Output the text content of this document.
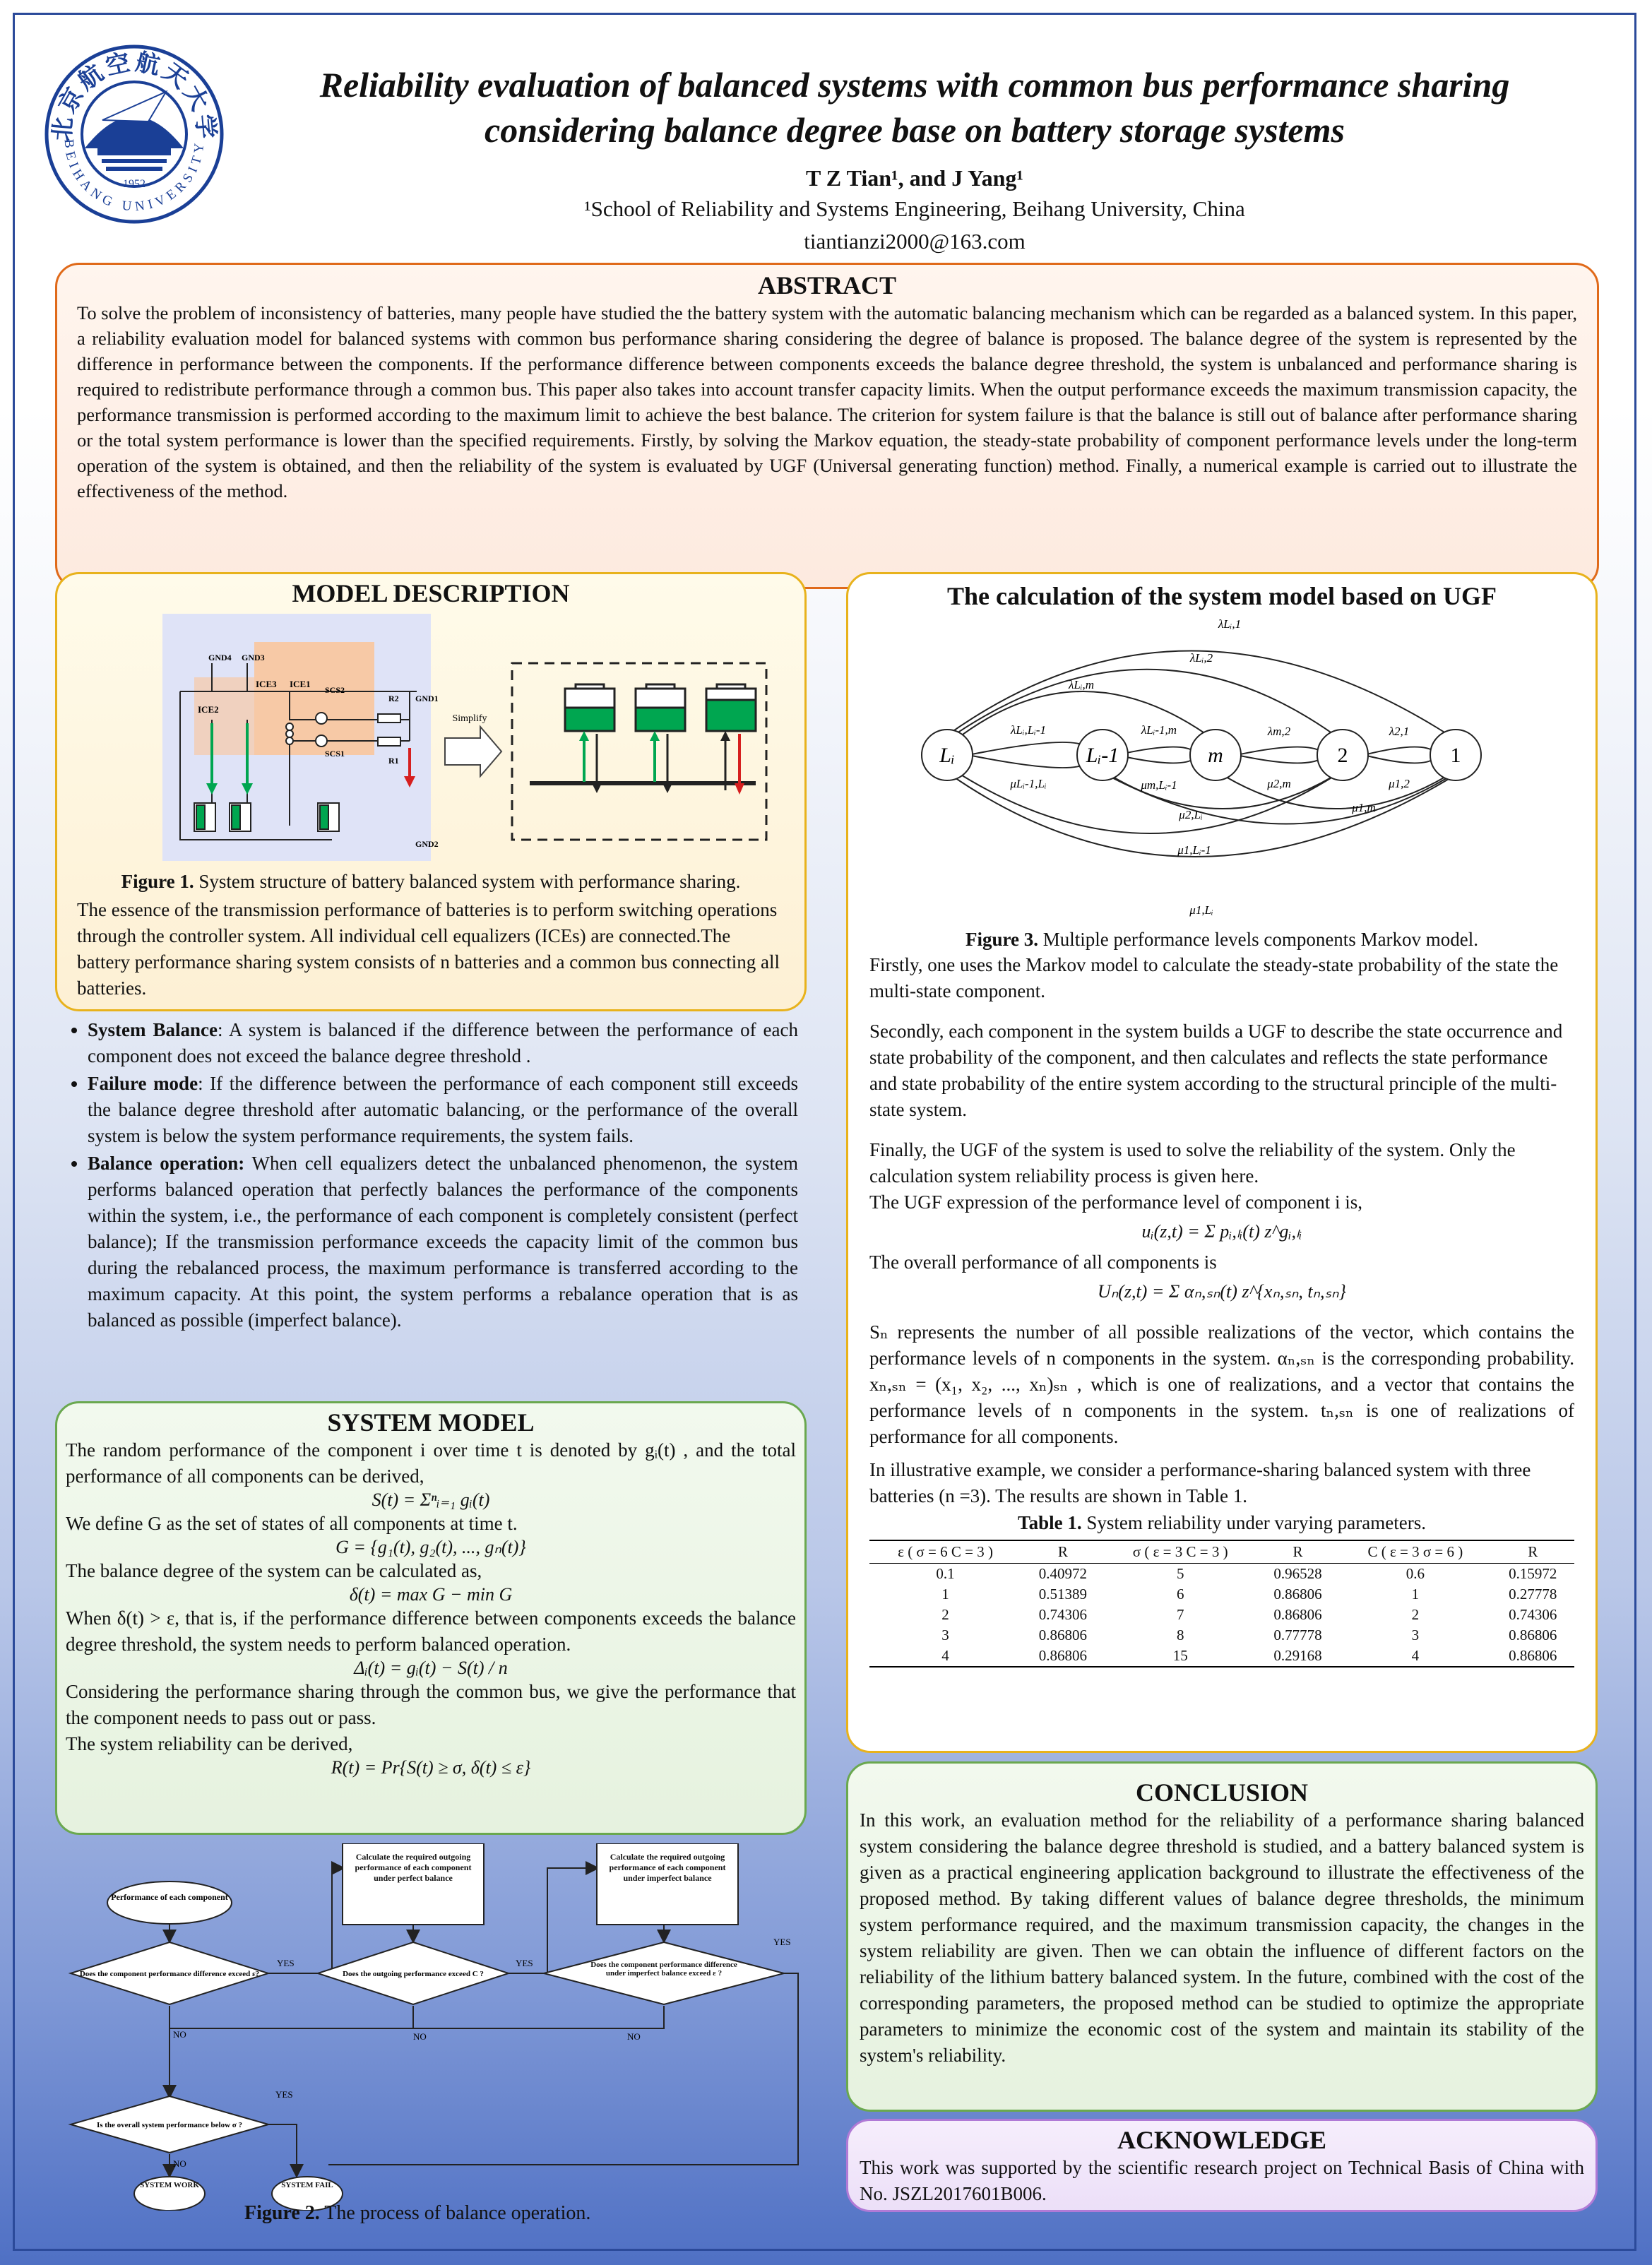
北京航空航天大学
BEIHANG UNIVERSITY
1952
Reliability evaluation of balanced systems with common bus performance sharing
considering balance degree base on battery storage systems
T Z Tian¹, and J Yang¹
¹School of Reliability and Systems Engineering, Beihang University, China
tiantianzi2000@163.com
ABSTRACT
To solve the problem of inconsistency of batteries, many people have studied the the battery system with the automatic balancing mechanism which can be regarded as a balanced system. In this paper, a reliability evaluation model for balanced systems with common bus performance sharing considering the degree of balance is proposed. The balance degree of the system is represented by the difference in performance between the components. If the performance difference between components exceeds the balance degree threshold, the system is unbalanced and performance sharing is required to redistribute performance through a common bus. This paper also takes into account transfer capacity limits. When the output performance exceeds the maximum transmission capacity, the performance transmission is performed according to the maximum limit to achieve the best balance. The criterion for system failure is that the balance is still out of balance after performance sharing or the total system performance is lower than the specified requirements. Firstly, by solving the Markov equation, the steady-state probability of component performance levels under the long-term operation of the system is obtained, and then the reliability of the system is evaluated by UGF (Universal generating function) method. Finally, a numerical example is carried out to illustrate the effectiveness of the method.
MODEL DESCRIPTION
GND4 GND3
ICE3 ICE1
ICE2
SCS2
SCS1
R2
R1
GND1
GND2
Simplify
Figure 1. System structure of battery balanced system with performance sharing.
The essence of the transmission performance of batteries is to perform switching operations through the controller system. All individual cell equalizers (ICEs) are connected.The battery performance sharing system consists of n batteries and a common bus connecting all batteries.
• System Balance: A system is balanced if the difference between the performance of each component does not exceed the balance degree threshold .
• Failure mode: If the difference between the performance of each component still exceeds the balance degree threshold after automatic balancing, or the performance of the overall system is below the system performance requirements, the system fails.
• Balance operation: When cell equalizers detect the unbalanced phenomenon, the system performs balanced operation that perfectly balances the performance of the components within the system, i.e., the performance of each component is completely consistent (perfect balance); If the transmission performance exceeds the capacity limit of the common bus during the rebalanced process, the maximum performance is transferred according to the maximum capacity. At this point, the system performs a rebalance operation that is as balanced as possible (imperfect balance).
SYSTEM MODEL
The random performance of the component i over time t is denoted by gᵢ(t) , and the total performance of all components can be derived,
S(t) = Σⁿᵢ₌₁ gᵢ(t)
We define G as the set of states of all components at time t.
G = {g₁(t), g₂(t), ..., gₙ(t)}
The balance degree of the system can be calculated as,
δ(t) = max G − min G
When δ(t) > ε, that is, if the performance difference between components exceeds the balance degree threshold, the system needs to perform balanced operation.
Δᵢ(t) = gᵢ(t) − S(t) / n
Considering the performance sharing through the common bus, we give the performance that the component needs to pass out or pass.
The system reliability can be derived,
R(t) = Pr{S(t) ≥ σ, δ(t) ≤ ε}
Performance of each component
Does the component performance difference exceed ε?
Calculate the required outgoing performance of each component under perfect balance
Does the outgoing performance exceed C ?
Calculate the required outgoing performance of each component under imperfect balance
Does the component performance difference under imperfect balance exceed ε ?
Is the overall system performance below σ ?
SYSTEM WORK	SYSTEM FAIL
YES	YES
YES
YES
NO	NO	NO
NO
Figure 2. The process of balance operation.
The calculation of the system model based on UGF
Lᵢ	Lᵢ-1	m	2	1
λLᵢ,Lᵢ-1	λLᵢ-1,m	λm,2	λ2,1
λLᵢ,m
λLᵢ,2
λLᵢ,1
μLᵢ-1,Lᵢ	μm,Lᵢ-1	μ2,m	μ1,2
μ1,m
μ2,Lᵢ
μ1,Lᵢ-1
μ1,Lᵢ
Figure 3. Multiple performance levels components Markov model.
Firstly, one uses the Markov model to calculate the steady-state probability of the state the multi-state component.
Secondly, each component in the system builds a UGF to describe the state occurrence and state probability of the component, and then calculates and reflects the state performance and state probability of the entire system according to the structural principle of the multi-state system.
Finally, the UGF of the system is used to solve the reliability of the system. Only the calculation system reliability process is given here.
The UGF expression of the performance level of component i is,
uᵢ(z,t) = Σ pᵢ,ₗᵢ(t) z^gᵢ,ₗᵢ
The overall performance of all components is
Uₙ(z,t) = Σ αₙ,ₛₙ(t) z^{xₙ,ₛₙ, tₙ,ₛₙ}
Sₙ represents the number of all possible realizations of the vector, which contains the performance levels of n components in the system. αₙ,ₛₙ is the corresponding probability. xₙ,ₛₙ = (x₁, x₂, ..., xₙ)ₛₙ , which is one of realizations, and a vector that contains the performance levels of n components in the system. tₙ,ₛₙ is one of realizations of performance for all components.
In illustrative example, we consider a performance-sharing balanced system with three batteries (n =3). The results are shown in Table 1.
Table 1. System reliability under varying parameters.
ε ( σ = 6 C = 3 )	R	σ ( ε = 3 C = 3 )	R	C ( ε = 3 σ = 6 )	R
0.1	0.40972	5	0.96528	0.6	0.15972
1	0.51389	6	0.86806	1	0.27778
2	0.74306	7	0.86806	2	0.74306
3	0.86806	8	0.77778	3	0.86806
4	0.86806	15	0.29168	4	0.86806
CONCLUSION
In this work, an evaluation method for the reliability of a performance sharing balanced system considering the balance degree threshold is studied, and a battery balanced system is given as a practical engineering application background to illustrate the effectiveness of the proposed method. By taking different values of balance degree thresholds, the minimum system performance required, and the maximum transmission capacity, the changes in the system reliability are given. Then we can obtain the influence of different factors on the reliability of the lithium battery balanced system. In the future, combined with the cost of the corresponding parameters, the proposed method can be studied to optimize the appropriate parameters to minimize the economic cost of the system and maintain its stability of the system's reliability.
ACKNOWLEDGE
This work was supported by the scientific research project on Technical Basis of China with No. JSZL2017601B006.
